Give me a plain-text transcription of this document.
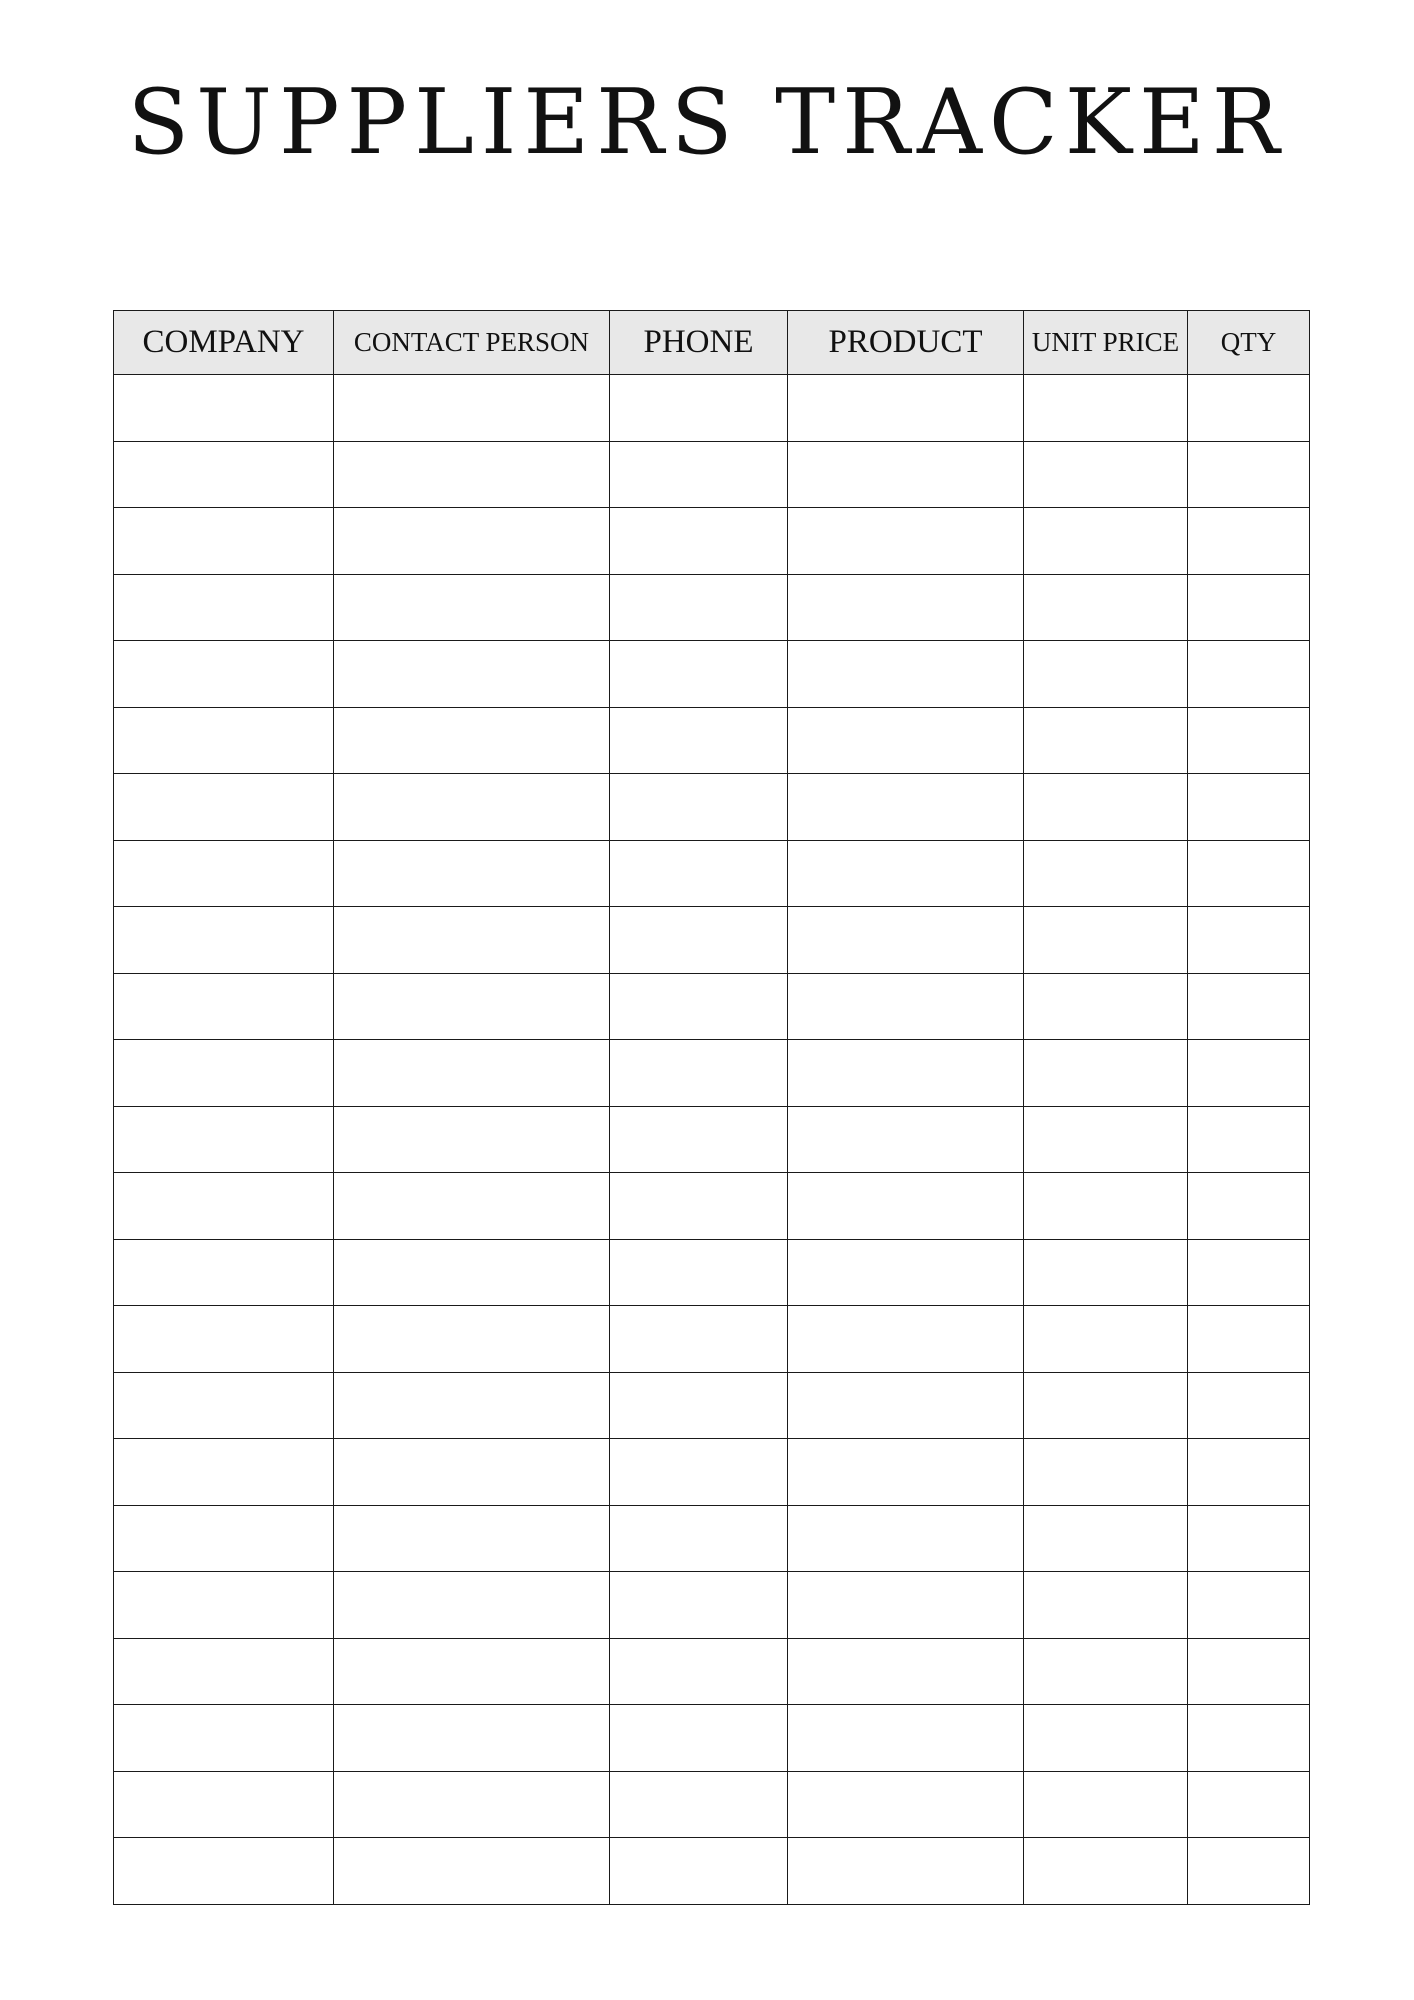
SUPPLIERS TRACKER
COMPANY	CONTACT PERSON	PHONE	PRODUCT	UNIT PRICE	QTY
